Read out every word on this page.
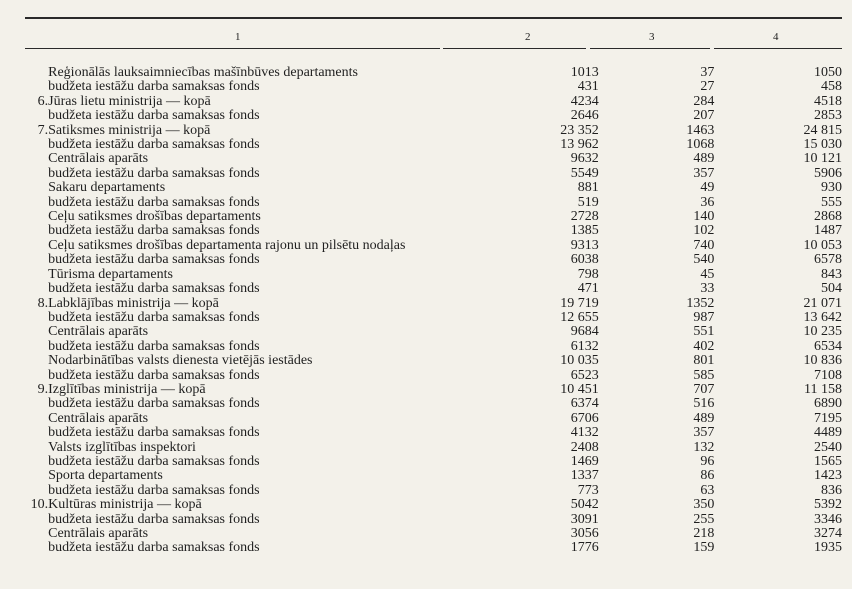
1	2	3	4
	Reģionālās lauksaimniecības mašīnbūves departaments	1013	37	1050
	budžeta iestāžu darba samaksas fonds	431	27	458
6.	Jūras lietu ministrija — kopā	4234	284	4518
	budžeta iestāžu darba samaksas fonds	2646	207	2853
7.	Satiksmes ministrija — kopā	23 352	1463	24 815
	budžeta iestāžu darba samaksas fonds	13 962	1068	15 030
	Centrālais aparāts	9632	489	10 121
	budžeta iestāžu darba samaksas fonds	5549	357	5906
	Sakaru departaments	881	49	930
	budžeta iestāžu darba samaksas fonds	519	36	555
	Ceļu satiksmes drošības departaments	2728	140	2868
	budžeta iestāžu darba samaksas fonds	1385	102	1487
	Ceļu satiksmes drošības departamenta rajonu un pilsētu nodaļas	9313	740	10 053
	budžeta iestāžu darba samaksas fonds	6038	540	6578
	Tūrisma departaments	798	45	843
	budžeta iestāžu darba samaksas fonds	471	33	504
8.	Labklājības ministrija — kopā	19 719	1352	21 071
	budžeta iestāžu darba samaksas fonds	12 655	987	13 642
	Centrālais aparāts	9684	551	10 235
	budžeta iestāžu darba samaksas fonds	6132	402	6534
	Nodarbinātības valsts dienesta vietējās iestādes	10 035	801	10 836
	budžeta iestāžu darba samaksas fonds	6523	585	7108
9.	Izglītības ministrija — kopā	10 451	707	11 158
	budžeta iestāžu darba samaksas fonds	6374	516	6890
	Centrālais aparāts	6706	489	7195
	budžeta iestāžu darba samaksas fonds	4132	357	4489
	Valsts izglītības inspektori	2408	132	2540
	budžeta iestāžu darba samaksas fonds	1469	96	1565
	Sporta departaments	1337	86	1423
	budžeta iestāžu darba samaksas fonds	773	63	836
10.	Kultūras ministrija — kopā	5042	350	5392
	budžeta iestāžu darba samaksas fonds	3091	255	3346
	Centrālais aparāts	3056	218	3274
	budžeta iestāžu darba samaksas fonds	1776	159	1935
